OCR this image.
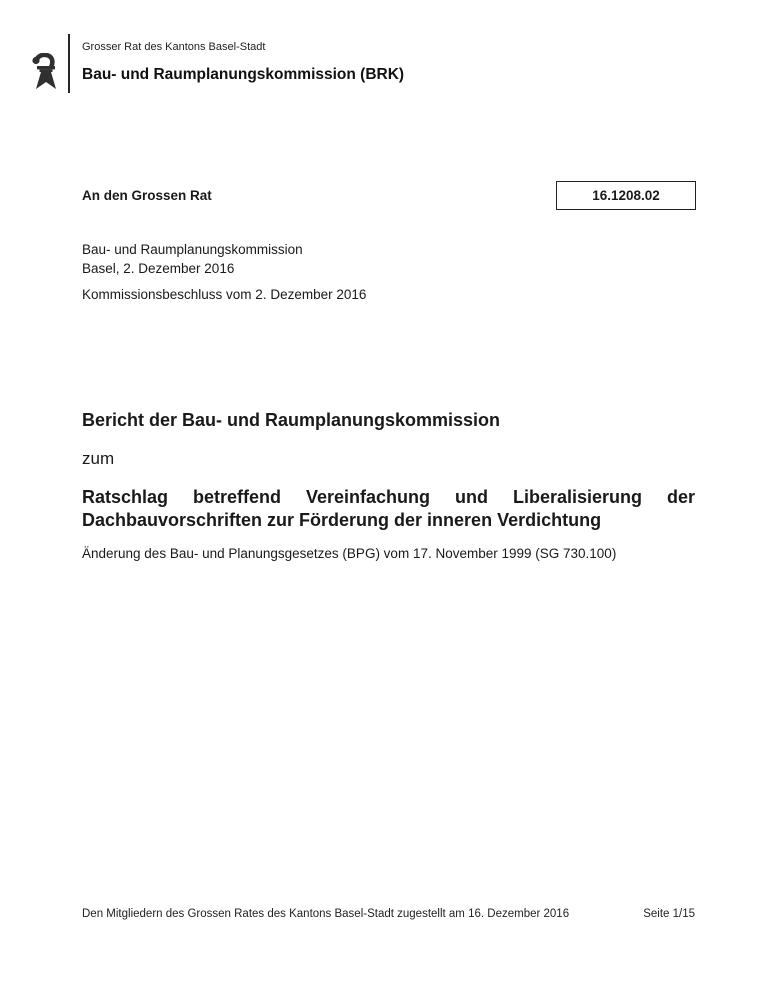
Grosser Rat des Kantons Basel-Stadt
Bau- und Raumplanungskommission (BRK)
An den Grossen Rat	16.1208.02
Bau- und Raumplanungskommission
Basel, 2. Dezember 2016
Kommissionsbeschluss vom 2. Dezember 2016
Bericht der Bau- und Raumplanungskommission
zum
Ratschlag betreffend Vereinfachung und Liberalisierung der
Dachbauvorschriften zur Förderung der inneren Verdichtung
Änderung des Bau- und Planungsgesetzes (BPG) vom 17. November 1999 (SG 730.100)
Den Mitgliedern des Grossen Rates des Kantons Basel-Stadt zugestellt am 16. Dezember 2016	Seite 1/15
